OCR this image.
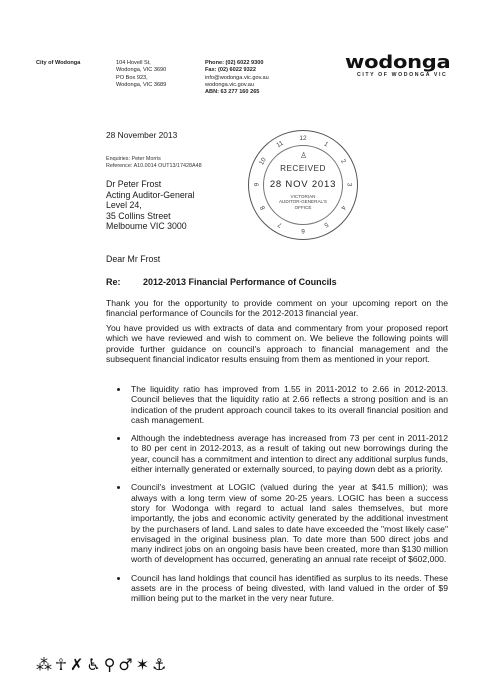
City of Wodonga	104 Hovell St,
Wodonga, VIC 3690
PO Box 923,
Wodonga, VIC 3689
Phone: (02) 6022 9300
Fax: (02) 6022 9322
info@wodonga.vic.gov.au
wodonga.vic.gov.au
ABN: 63 277 160 265
wodonga
CITY OF WODONGA VIC
28 November 2013
Enquiries: Peter Morris
Reference: A10.0014 OUT13/17428A48
Dr Peter Frost
Acting Auditor-General
Level 24,
35 Collins Street
Melbourne VIC 3000
12
1
2
3
4
5
6
7
8
9
10
11
♙
RECEIVED
28 NOV 2013
VICTORIAN
AUDITOR-GENERAL'S
OFFICE
Dear Mr Frost
Re: 2012-2013 Financial Performance of Councils
Thank you for the opportunity to provide comment on your upcoming report on the financial performance of Councils for the 2012-2013 financial year.
You have provided us with extracts of data and commentary from your proposed report which we have reviewed and wish to comment on. We believe the following points will provide further guidance on council's approach to financial management and the subsequent financial indicator results ensuing from them as mentioned in your report.
The liquidity ratio has improved from 1.55 in 2011-2012 to 2.66 in 2012-2013. Council believes that the liquidity ratio at 2.66 reflects a strong position and is an indication of the prudent approach council takes to its overall financial position and cash management.
Although the indebtedness average has increased from 73 per cent in 2011-2012 to 80 per cent in 2012-2013, as a result of taking out new borrowings during the year, council has a commitment and intention to direct any additional surplus funds, either internally generated or externally sourced, to paying down debt as a priority.
Council's investment at LOGIC (valued during the year at $41.5 million); was always with a long term view of some 20-25 years. LOGIC has been a success story for Wodonga with regard to actual land sales themselves, but more importantly, the jobs and economic activity generated by the additional investment by the purchasers of land. Land sales to date have exceeded the "most likely case" envisaged in the original business plan. To date more than 500 direct jobs and many indirect jobs on an ongoing basis have been created, more than $130 million worth of development has occurred, generating an annual rate receipt of $602,000.
Council has land holdings that council has identified as surplus to its needs. These assets are in the process of being divested, with land valued in the order of $9 million being put to the market in the very near future.
⁂ ☥ ✗ ♿ ⚲ ♂ ✶ ⚓
